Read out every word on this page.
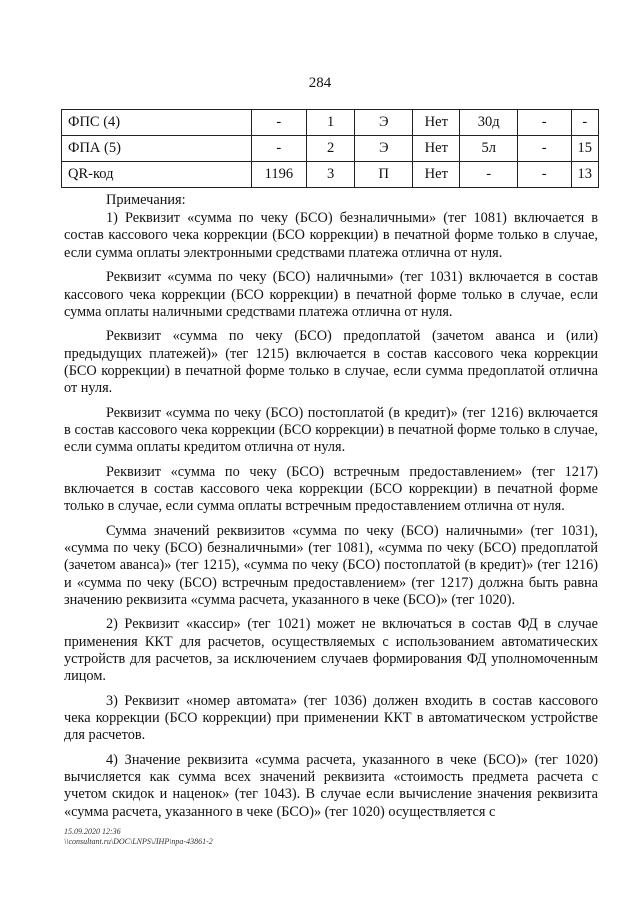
284
ФПС (4)	-	1	Э	Нет	30д	-	-
ФПА (5)	-	2	Э	Нет	5л	-	15
QR-код	1196	3	П	Нет	-	-	13

Примечания:

1) Реквизит «сумма по чеку (БСО) безналичными» (тег 1081) включается в состав кассового чека коррекции (БСО коррекции) в печатной форме только в случае, если сумма оплаты электронными средствами платежа отлична от нуля.

Реквизит «сумма по чеку (БСО) наличными» (тег 1031) включается в состав кассового чека коррекции (БСО коррекции) в печатной форме только в случае, если сумма оплаты наличными средствами платежа отлична от нуля.

Реквизит «сумма по чеку (БСО) предоплатой (зачетом аванса и (или) предыдущих платежей)» (тег 1215) включается в состав кассового чека коррекции (БСО коррекции) в печатной форме только в случае, если сумма предоплатой отлична от нуля.

Реквизит «сумма по чеку (БСО) постоплатой (в кредит)» (тег 1216) включается в состав кассового чека коррекции (БСО коррекции) в печатной форме только в случае, если сумма оплаты кредитом отлична от нуля.

Реквизит «сумма по чеку (БСО) встречным предоставлением» (тег 1217) включается в состав кассового чека коррекции (БСО коррекции) в печатной форме только в случае, если сумма оплаты встречным предоставлением отлична от нуля.

Сумма значений реквизитов «сумма по чеку (БСО) наличными» (тег 1031), «сумма по чеку (БСО) безналичными» (тег 1081), «сумма по чеку (БСО) предоплатой (зачетом аванса)» (тег 1215), «сумма по чеку (БСО) постоплатой (в кредит)» (тег 1216) и «сумма по чеку (БСО) встречным предоставлением» (тег 1217) должна быть равна значению реквизита «сумма расчета, указанного в чеке (БСО)» (тег 1020).

2) Реквизит «кассир» (тег 1021) может не включаться в состав ФД в случае применения ККТ для расчетов, осуществляемых с использованием автоматических устройств для расчетов, за исключением случаев формирования ФД уполномоченным лицом.

3) Реквизит «номер автомата» (тег 1036) должен входить в состав кассового чека коррекции (БСО коррекции) при применении ККТ в автоматическом устройстве для расчетов.

4) Значение реквизита «сумма расчета, указанного в чеке (БСО)» (тег 1020) вычисляется как сумма всех значений реквизита «стоимость предмета расчета с учетом скидок и наценок» (тег 1043). В случае если вычисление значения реквизита «сумма расчета, указанного в чеке (БСО)» (тег 1020) осуществляется с

15.09.2020 12:36
\\consultant.ru\DOC\LNPS\ЛНР\npa-43861-2
